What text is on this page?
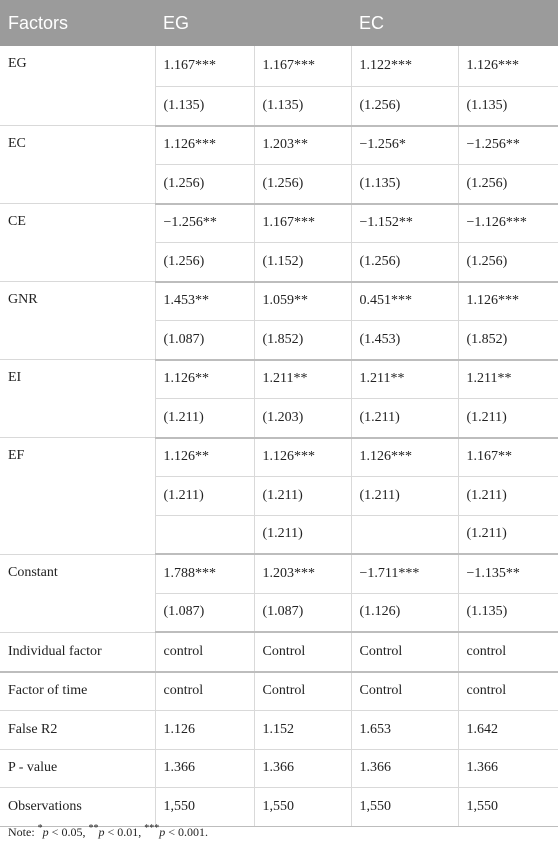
Factors	EG		EC	
EG	1.167***	1.167***	1.122***	1.126***
	(1.135)	(1.135)	(1.256)	(1.135)
EC	1.126***	1.203**	−1.256*	−1.256**
	(1.256)	(1.256)	(1.135)	(1.256)
CE	−1.256**	1.167***	−1.152**	−1.126***
	(1.256)	(1.152)	(1.256)	(1.256)
GNR	1.453**	1.059**	0.451***	1.126***
	(1.087)	(1.852)	(1.453)	(1.852)
EI	1.126**	1.211**	1.211**	1.211**
	(1.211)	(1.203)	(1.211)	(1.211)
EF	1.126**	1.126***	1.126***	1.167**
	(1.211)	(1.211)	(1.211)	(1.211)
		(1.211)		(1.211)
Constant	1.788***	1.203***	−1.711***	−1.135**
	(1.087)	(1.087)	(1.126)	(1.135)
Individual factor	control	Control	Control	control
Factor of time	control	Control	Control	control
False R2	1.126	1.152	1.653	1.642
P - value	1.366	1.366	1.366	1.366
Observations	1,550	1,550	1,550	1,550
Note: *p < 0.05, **p < 0.01, ***p < 0.001.
